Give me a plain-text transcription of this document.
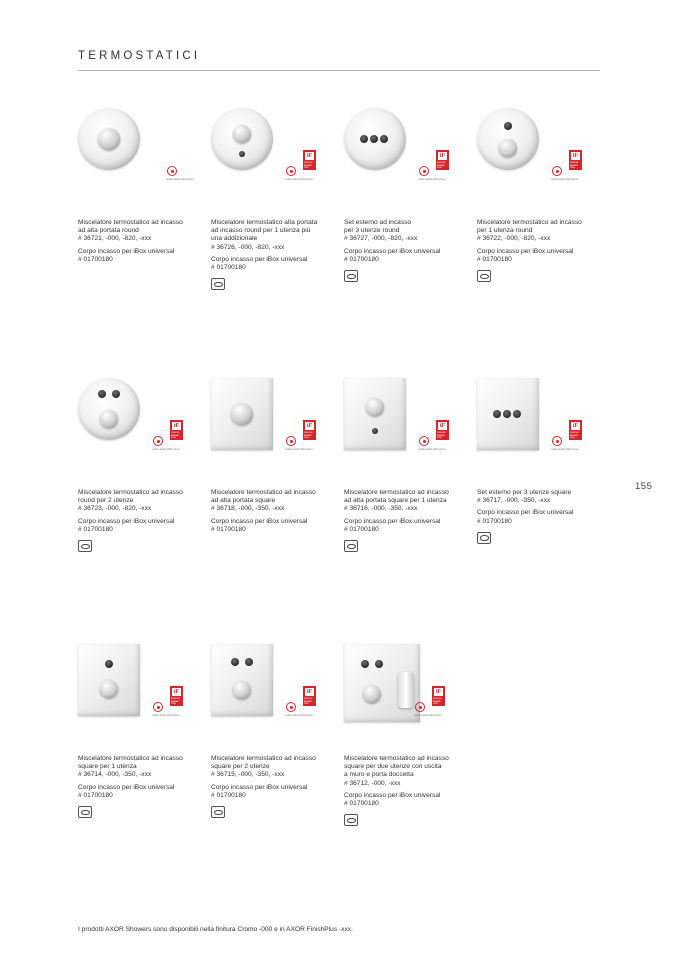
TERMOSTATICI
reddot award 2015 winner
Miscelatore termostatico ad incasso
ad alta portata round
# 36721, -000, -820, -xxx
Corpo incasso per iBox universal
# 01700180
reddot award 2015 winner
iF
DESIGN
AWARD
2016
Miscelatore termostatico alta portata
ad incasso round per 1 utenza più
una addizionale
# 36726, -000, -820, -xxx
Corpo incasso per iBox universal
# 01700180
reddot award 2015 winner
iF
DESIGN
AWARD
2016
Set esterno ad incasso
per 3 utenze round
# 36727, -000, -820, -xxx
Corpo incasso per iBox universal
# 01700180
reddot award 2015 winner
iF
DESIGN
AWARD
2016
Miscelatore termostatico ad incasso
per 1 utenza round
# 36722, -000, -820, -xxx
Corpo incasso per iBox universal
# 01700180
reddot award 2015 winner
iF
DESIGN
AWARD
2016
Miscelatore termostatico ad incasso
round per 2 utenze
# 36723, -000, -820, -xxx
Corpo incasso per iBox universal
# 01700180
reddot award 2015 winner
iF
DESIGN
AWARD
2016
Miscelatore termostatico ad incasso
ad alta portata square
# 36718, -000, -350, -xxx
Corpo incasso per iBox universal
# 01700180
reddot award 2015 winner
iF
DESIGN
AWARD
2016
Miscelatore termostatico ad incasso
ad alta portata square per 1 utenza
# 36716, -000, -350, -xxx
Corpo incasso per iBox universal
# 01700180
reddot award 2015 winner
iF
DESIGN
AWARD
2016
Set esterno per 3 utenze square
# 36717, -000, -350, -xxx
Corpo incasso per iBox universal
# 01700180
reddot award 2015 winner
iF
DESIGN
AWARD
2016
Miscelatore termostatico ad incasso
square per 1 utenza
# 36714, -000, -350, -xxx
Corpo incasso per iBox universal
# 01700180
reddot award 2015 winner
iF
DESIGN
AWARD
2016
Miscelatore termostatico ad incasso
square per 2 utenze
# 36715, -000, -350, -xxx
Corpo incasso per iBox universal
# 01700180
reddot award 2015 winner
iF
DESIGN
AWARD
2016
Miscelatore termostatico ad incasso
square per due utenze con uscita
a muro e porta doccetta
# 36712, -000, -xxx
Corpo incasso per iBox universal
# 01700180
155
I prodotti AXOR Showers sono disponibili nella finitura Cromo -000 e in AXOR FinishPlus -xxx.
